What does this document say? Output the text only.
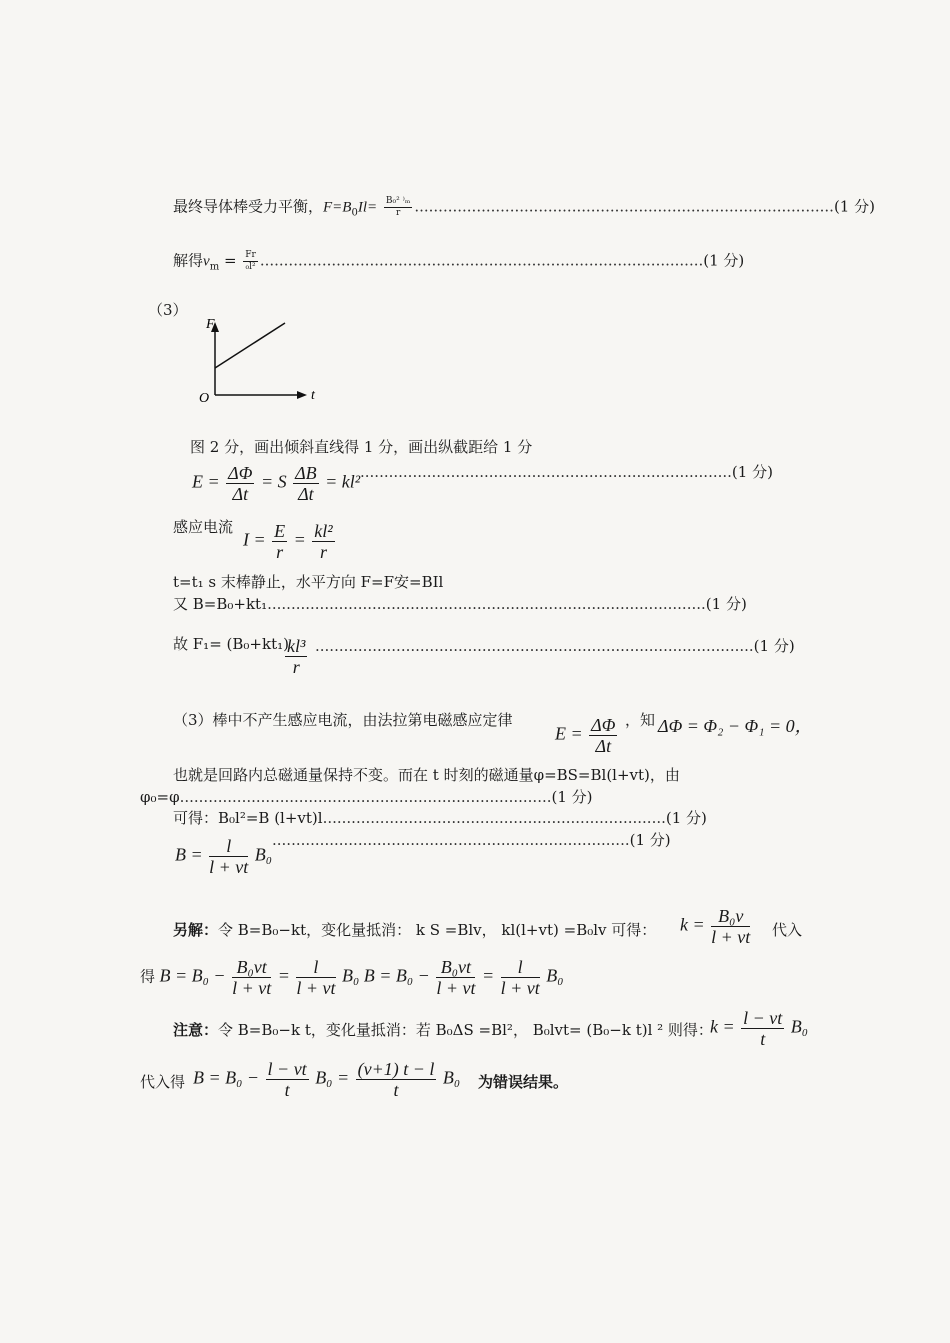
最终导体棒受力平衡，$F=B_0Il= \frac{\text{B₀² ⁾ₘ}}{r} ........................................................................................(1$ 分)
解得$v_m = \frac{Fr}{\text{₀l²}} .............................................................................................(1$ 分)
（3）
F
t
O
图 2 分，画出倾斜直线得 1 分，画出纵截距给 1 分
$E = \frac{\Delta\Phi}{\Delta t} = S \frac{\Delta B}{\Delta t} = kl^2$ ..............................................................................(1 分)
感应电流
$I = \frac{E}{r} = \frac{\text{kl²}}{r}$
t=t₁ s 末棒静止，水平方向 F=F安=BIl
又 B=B₀+kt₁............................................................................................(1 分)
故 F₁= (B₀+kt₁)
$\frac{\text{kl³}}{r} ............................................................................................(1$ 分)
（3）棒中不产生感应电流，由法拉第电磁感应定律
$E = \frac{\Delta\Phi}{\Delta t}$ ，知 ΔΦ = Φ₂ − Φ₁ = 0，
也就是回路内总磁通量保持不变。而在 t 时刻的磁通量φ=BS=Bl(l+vt)，由
φ₀=φ..............................................................................(1 分)
可得：B₀l²=B (l+vt)l........................................................................(1 分)
$B = \frac{l}{l + vt} B_0$
...........................................................................(1 分)
另解：令 B=B₀−kt，变化量抵消： k S =Blv， kl(l+vt) =B₀lv 可得： $k = \frac{\text{B₀v}}{l + vt}$ 代入
得 $B = B_0 - \frac{\text{B₀vt}}{l + vt} = \frac{l}{l + vt} B_0$ $B = B_0 - \frac{\text{B₀vt}}{l + vt} = \frac{l}{l + vt} B_0$
注意：令 B=B₀−k t，变化量抵消：若 B₀ΔS =Bl²， B₀lvt= (B₀−k t)l ² 则得：
$k = \frac{l - vt}{t} B_0$
代入得 $B = B_0 - \frac{l - vt}{t} B_0 = \frac{(v+1) t - l}{t} B_0$ 为错误结果。
